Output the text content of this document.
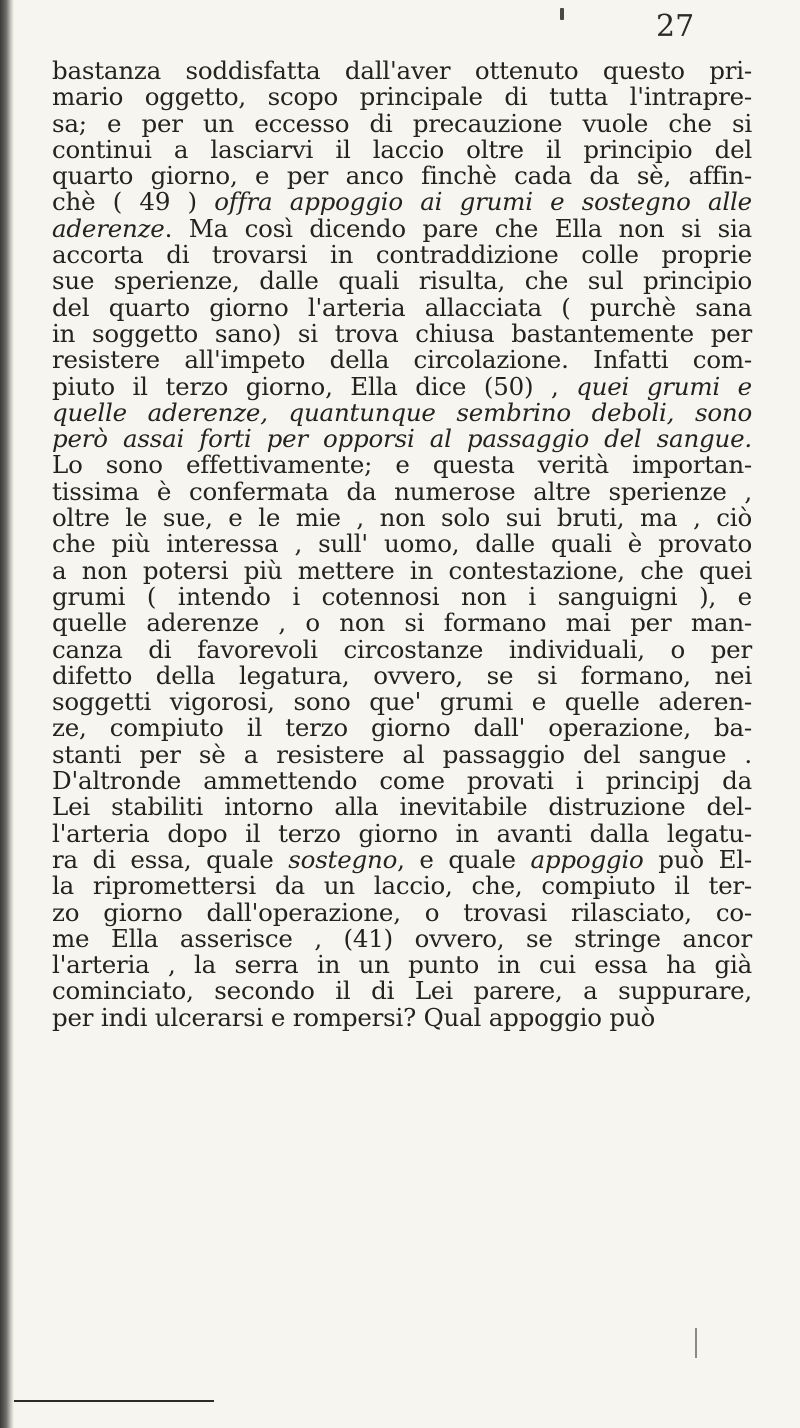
27
bastanza soddisfatta dall'aver ottenuto questo pri-
mario oggetto, scopo principale di tutta l'intrapre-
sa; e per un eccesso di precauzione vuole che si
continui a lasciarvi il laccio oltre il principio del
quarto giorno, e per anco finchè cada da sè, affin-
chè ( 49 ) offra appoggio ai grumi e sostegno alle
aderenze. Ma così dicendo pare che Ella non si sia
accorta di trovarsi in contraddizione colle proprie
sue sperienze, dalle quali risulta, che sul principio
del quarto giorno l'arteria allacciata ( purchè sana
in soggetto sano) si trova chiusa bastantemente per
resistere all'impeto della circolazione. Infatti com-
piuto il terzo giorno, Ella dice (50) , quei grumi e
quelle aderenze, quantunque sembrino deboli, sono
però assai forti per opporsi al passaggio del sangue.
Lo sono effettivamente; e questa verità importan-
tissima è confermata da numerose altre sperienze ,
oltre le sue, e le mie , non solo sui bruti, ma , ciò
che più interessa , sull' uomo, dalle quali è provato
a non potersi più mettere in contestazione, che quei
grumi ( intendo i cotennosi non i sanguigni ), e
quelle aderenze , o non si formano mai per man-
canza di favorevoli circostanze individuali, o per
difetto della legatura, ovvero, se si formano, nei
soggetti vigorosi, sono que' grumi e quelle aderen-
ze, compiuto il terzo giorno dall' operazione, ba-
stanti per sè a resistere al passaggio del sangue .
D'altronde ammettendo come provati i principj da
Lei stabiliti intorno alla inevitabile distruzione del-
l'arteria dopo il terzo giorno in avanti dalla legatu-
ra di essa, quale sostegno, e quale appoggio può El-
la ripromettersi da un laccio, che, compiuto il ter-
zo giorno dall'operazione, o trovasi rilasciato, co-
me Ella asserisce , (41) ovvero, se stringe ancor
l'arteria , la serra in un punto in cui essa ha già
cominciato, secondo il di Lei parere, a suppurare,
per indi ulcerarsi e rompersi? Qual appoggio può
